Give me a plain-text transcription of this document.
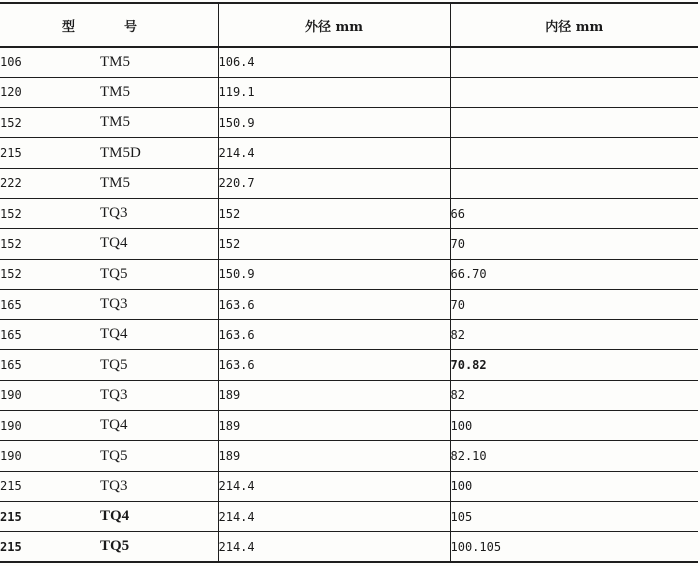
型	号	外径 mm	内径 mm
106	TM5	106.4	
120	TM5	119.1	
152	TM5	150.9	
215	TM5D	214.4	
222	TM5	220.7	
152	TQ3	152	66
152	TQ4	152	70
152	TQ5	150.9	66.70
165	TQ3	163.6	70
165	TQ4	163.6	82
165	TQ5	163.6	70.82
190	TQ3	189	82
190	TQ4	189	100
190	TQ5	189	82.10
215	TQ3	214.4	100
215	TQ4	214.4	105
215	TQ5	214.4	100.105
